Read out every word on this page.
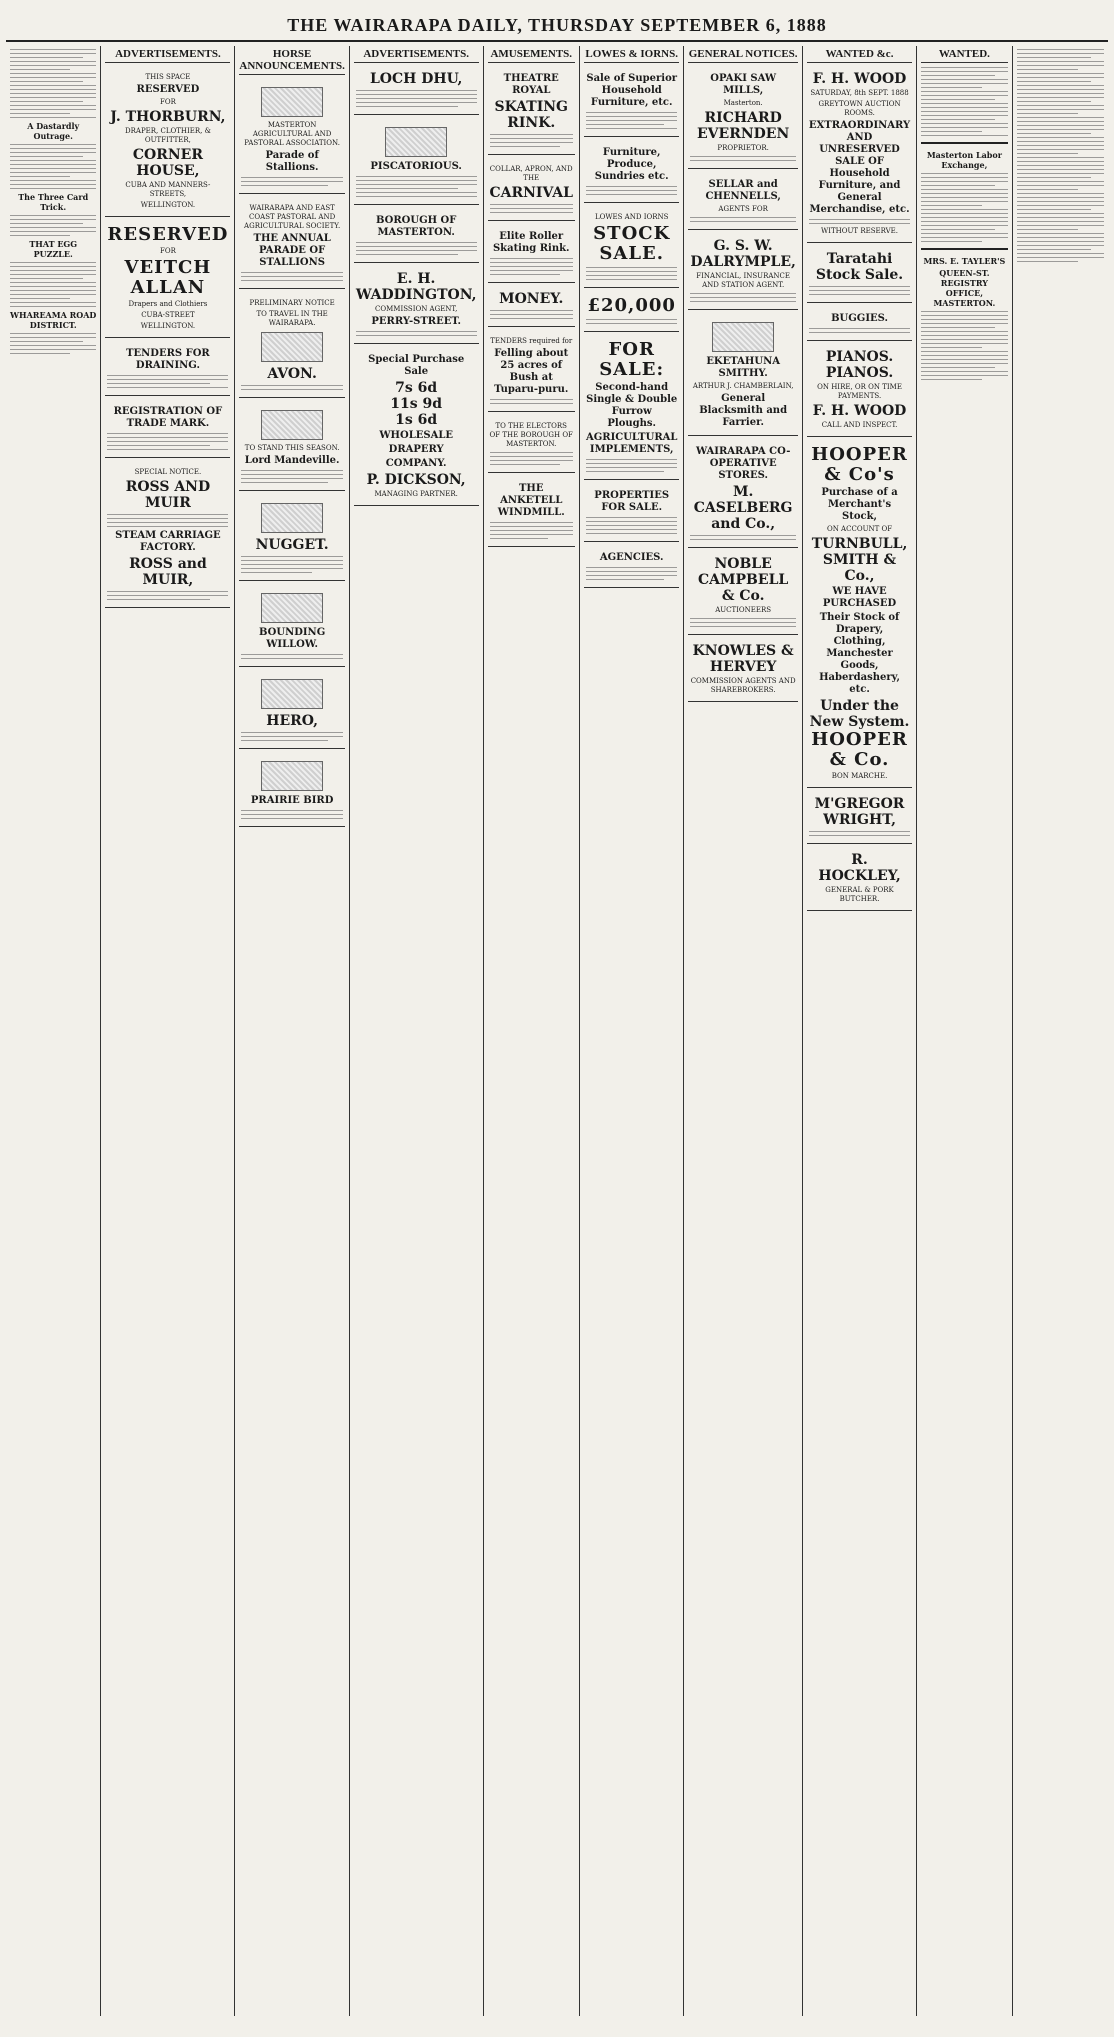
THE WAIRARAPA DAILY, THURSDAY SEPTEMBER 6, 1888
A Dastardly Outrage.
The Three Card Trick.
THAT EGG PUZZLE.
WHAREAMA ROAD DISTRICT.
ADVERTISEMENTS.
THIS SPACE
RESERVED
FOR
J. THORBURN,
DRAPER, CLOTHIER, & OUTFITTER,
CORNER HOUSE,
CUBA AND MANNERS-STREETS,
WELLINGTON.
RESERVED
FOR
VEITCH
ALLAN
Drapers and Clothiers
CUBA-STREET
WELLINGTON.
TENDERS FOR DRAINING.
REGISTRATION OF TRADE MARK.
SPECIAL NOTICE.
ROSS AND MUIR
STEAM CARRIAGE FACTORY.
ROSS and MUIR,
HORSE ANNOUNCEMENTS.
MASTERTON AGRICULTURAL AND PASTORAL ASSOCIATION.
Parade of Stallions.
WAIRARAPA AND EAST COAST PASTORAL AND AGRICULTURAL SOCIETY.
THE ANNUAL PARADE OF STALLIONS
PRELIMINARY NOTICE
TO TRAVEL IN THE WAIRARAPA.
AVON.
TO STAND THIS SEASON.
Lord Mandeville.
NUGGET.
BOUNDING WILLOW.
HERO,
PRAIRIE BIRD
ADVERTISEMENTS.
LOCH DHU,
PISCATORIOUS.
BOROUGH OF MASTERTON.
E. H. WADDINGTON,
COMMISSION AGENT,
PERRY-STREET.
Special Purchase Sale
7s 6d
11s 9d
1s 6d
WHOLESALE
DRAPERY
COMPANY.
P. DICKSON,
MANAGING PARTNER.
AMUSEMENTS.
THEATRE ROYAL
SKATING RINK.
COLLAR, APRON, AND THE
CARNIVAL
Elite Roller Skating Rink.
MONEY.
TENDERS required for
Felling about 25 acres of Bush at Tuparu-puru.
TO THE ELECTORS OF THE BOROUGH OF MASTERTON.
THE ANKETELL WINDMILL.
LOWES & IORNS.
Sale of Superior Household Furniture, etc.
Furniture, Produce, Sundries etc.
LOWES AND IORNS
STOCK SALE.
£20,000
FOR SALE:
Second-hand Single & Double Furrow Ploughs.
AGRICULTURAL IMPLEMENTS,
PROPERTIES FOR SALE.
AGENCIES.
GENERAL NOTICES.
OPAKI SAW MILLS,
Masterton.
RICHARD EVERNDEN
PROPRIETOR.
SELLAR and CHENNELLS,
AGENTS FOR
G. S. W. DALRYMPLE,
FINANCIAL, INSURANCE AND STATION AGENT.
EKETAHUNA SMITHY.
ARTHUR J. CHAMBERLAIN,
General Blacksmith and Farrier.
WAIRARAPA CO-OPERATIVE STORES.
M. CASELBERG and Co.,
NOBLE CAMPBELL & Co.
AUCTIONEERS
KNOWLES & HERVEY
COMMISSION AGENTS AND SHAREBROKERS.
WANTED &c.
F. H. WOOD
SATURDAY, 8th SEPT. 1888
GREYTOWN AUCTION ROOMS.
EXTRAORDINARY AND UNRESERVED SALE OF Household Furniture, and General Merchandise, etc.
WITHOUT RESERVE.
Taratahi Stock Sale.
BUGGIES.
PIANOS. PIANOS.
ON HIRE, OR ON TIME PAYMENTS.
F. H. WOOD
CALL AND INSPECT.
HOOPER & Co's
Purchase of a Merchant's Stock,
ON ACCOUNT OF
TURNBULL, SMITH & Co.,
WE HAVE PURCHASED
Their Stock of Drapery, Clothing, Manchester Goods, Haberdashery, etc.
Under the New System.
HOOPER & Co.
BON MARCHE.
M'GREGOR WRIGHT,
R. HOCKLEY,
GENERAL & PORK BUTCHER.
WANTED.
Masterton Labor Exchange,
MRS. E. TAYLER'S
QUEEN-ST. REGISTRY OFFICE, MASTERTON.
